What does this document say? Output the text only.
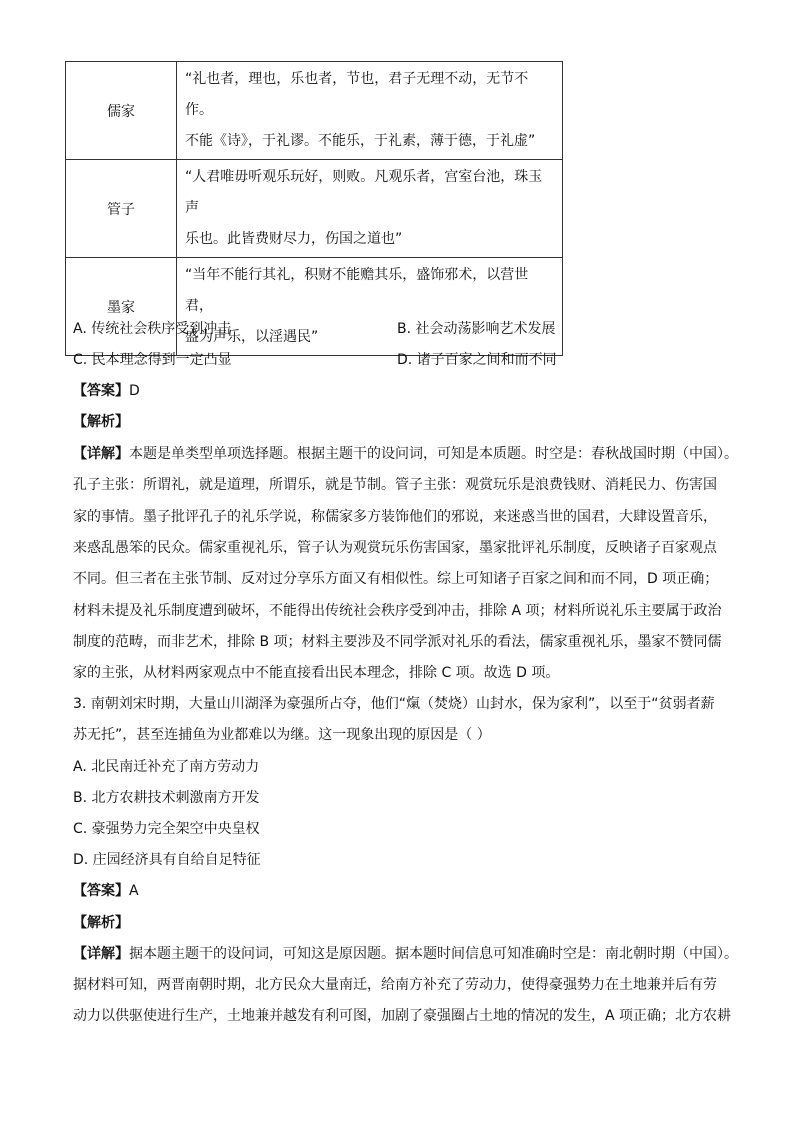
儒家	“礼也者，理也，乐也者，节也，君子无理不动，无节不作。
不能《诗》，于礼谬。不能乐，于礼素，薄于德，于礼虚”

管子	“人君唯毋听观乐玩好，则败。凡观乐者，宫室台池，珠玉声
乐也。此皆费财尽力，伤国之道也”

墨家	“当年不能行其礼，积财不能赡其乐，盛饰邪术，以营世君，
盛为声乐，以淫遇民”
A. 传统社会秩序受到冲击	B. 社会动荡影响艺术发展
C. 民本理念得到一定凸显	D. 诸子百家之间和而不同
【答案】D
【解析】
【详解】本题是单类型单项选择题。根据主题干的设问词，可知是本质题。时空是：春秋战国时期（中国）。
孔子主张：所谓礼，就是道理，所谓乐，就是节制。管子主张：观赏玩乐是浪费钱财、消耗民力、伤害国
家的事情。墨子批评孔子的礼乐学说，称儒家多方装饰他们的邪说，来迷惑当世的国君，大肆设置音乐，
来惑乱愚笨的民众。儒家重视礼乐，管子认为观赏玩乐伤害国家，墨家批评礼乐制度，反映诸子百家观点
不同。但三者在主张节制、反对过分享乐方面又有相似性。综上可知诸子百家之间和而不同，D 项正确；
材料未提及礼乐制度遭到破坏，不能得出传统社会秩序受到冲击，排除 A 项；材料所说礼乐主要属于政治
制度的范畴，而非艺术，排除 B 项；材料主要涉及不同学派对礼乐的看法，儒家重视礼乐，墨家不赞同儒
家的主张，从材料两家观点中不能直接看出民本理念，排除 C 项。故选 D 项。
3. 南朝刘宋时期，大量山川湖泽为豪强所占夺，他们“熂（焚烧）山封水，保为家利”，以至于“贫弱者薪
苏无托”，甚至连捕鱼为业都难以为继。这一现象出现的原因是（ ）
A. 北民南迁补充了南方劳动力
B. 北方农耕技术刺激南方开发
C. 豪强势力完全架空中央皇权
D. 庄园经济具有自给自足特征
【答案】A
【解析】
【详解】据本题主题干的设问词，可知这是原因题。据本题时间信息可知准确时空是：南北朝时期（中国）。
据材料可知，两晋南朝时期，北方民众大量南迁，给南方补充了劳动力，使得豪强势力在土地兼并后有劳
动力以供驱使进行生产，土地兼并越发有利可图，加剧了豪强圈占土地的情况的发生，A 项正确；北方农耕
